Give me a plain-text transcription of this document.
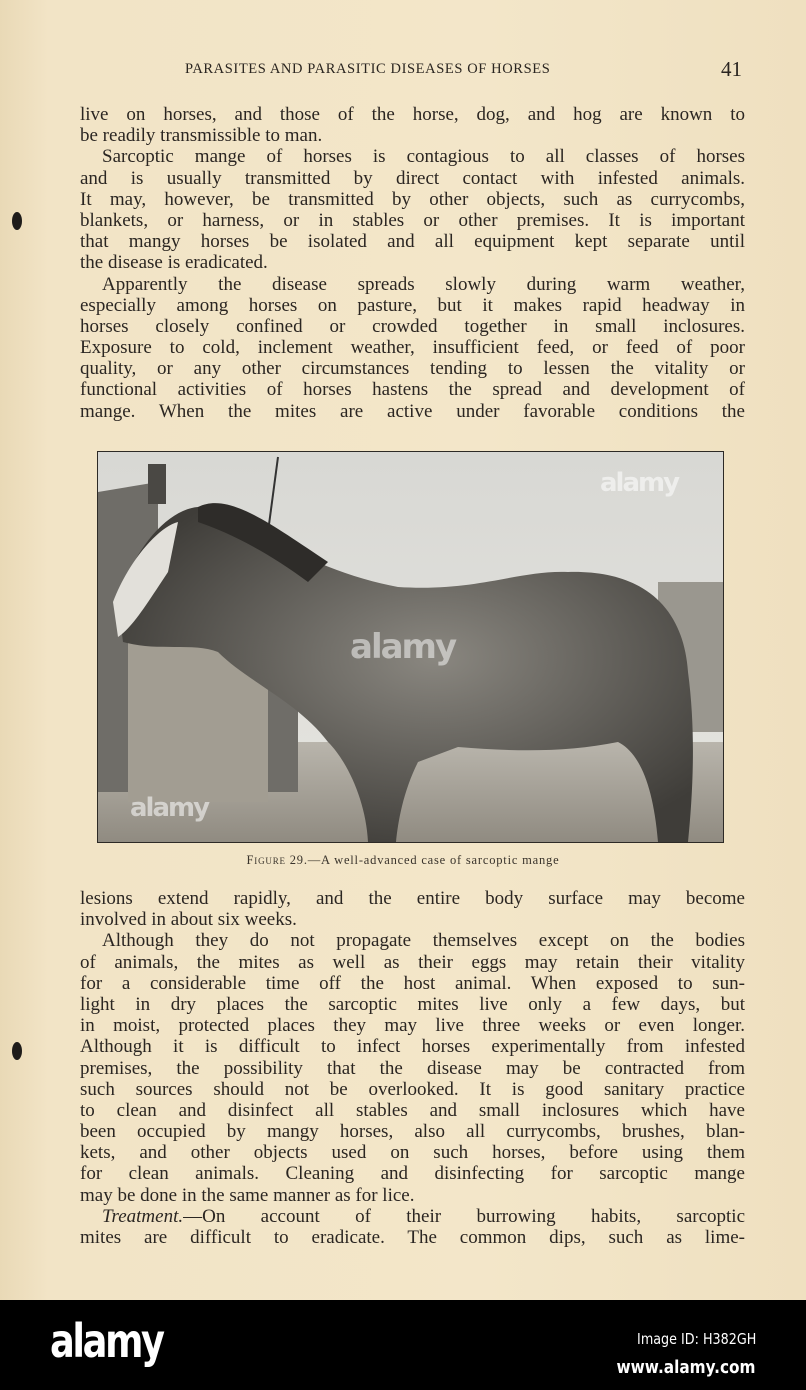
PARASITES AND PARASITIC DISEASES OF HORSES	41
live on horses, and those of the horse, dog, and hog are known to
be readily transmissible to man.
Sarcoptic mange of horses is contagious to all classes of horses
and is usually transmitted by direct contact with infested animals.
It may, however, be transmitted by other objects, such as currycombs,
blankets, or harness, or in stables or other premises. It is important
that mangy horses be isolated and all equipment kept separate until
the disease is eradicated.
Apparently the disease spreads slowly during warm weather,
especially among horses on pasture, but it makes rapid headway in
horses closely confined or crowded together in small inclosures.
Exposure to cold, inclement weather, insufficient feed, or feed of poor
quality, or any other circumstances tending to lessen the vitality or
functional activities of horses hastens the spread and development of
mange. When the mites are active under favorable conditions the
Figure 29.—A well-advanced case of sarcoptic mange
lesions extend rapidly, and the entire body surface may become
involved in about six weeks.
Although they do not propagate themselves except on the bodies
of animals, the mites as well as their eggs may retain their vitality
for a considerable time off the host animal. When exposed to sun-
light in dry places the sarcoptic mites live only a few days, but
in moist, protected places they may live three weeks or even longer.
Although it is difficult to infect horses experimentally from infested
premises, the possibility that the disease may be contracted from
such sources should not be overlooked. It is good sanitary practice
to clean and disinfect all stables and small inclosures which have
been occupied by mangy horses, also all currycombs, brushes, blan-
kets, and other objects used on such horses, before using them
for clean animals. Cleaning and disinfecting for sarcoptic mange
may be done in the same manner as for lice.
Treatment.—On account of their burrowing habits, sarcoptic
mites are difficult to eradicate. The common dips, such as lime-
alamy
alamy
alamy
alamy	Image ID: H382GH
www.alamy.com
